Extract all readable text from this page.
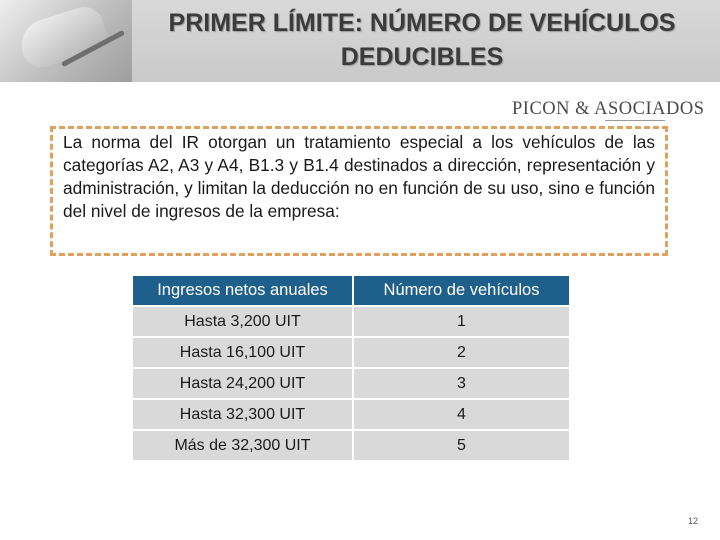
PRIMER LÍMITE: NÚMERO DE VEHÍCULOS
DEDUCIBLES
PICON & ASOCIADOS

La norma del IR otorgan un tratamiento especial a los vehículos de las categorías A2, A3 y A4, B1.3 y B1.4 destinados a dirección, representación y administración, y limitan la deducción no en función de su uso, sino e función del nivel de ingresos de la empresa:

Ingresos netos anuales	Número de vehículos
Hasta 3,200 UIT	1
Hasta 16,100 UIT	2
Hasta 24,200 UIT	3
Hasta 32,300 UIT	4
Más de 32,300 UIT	5
12
